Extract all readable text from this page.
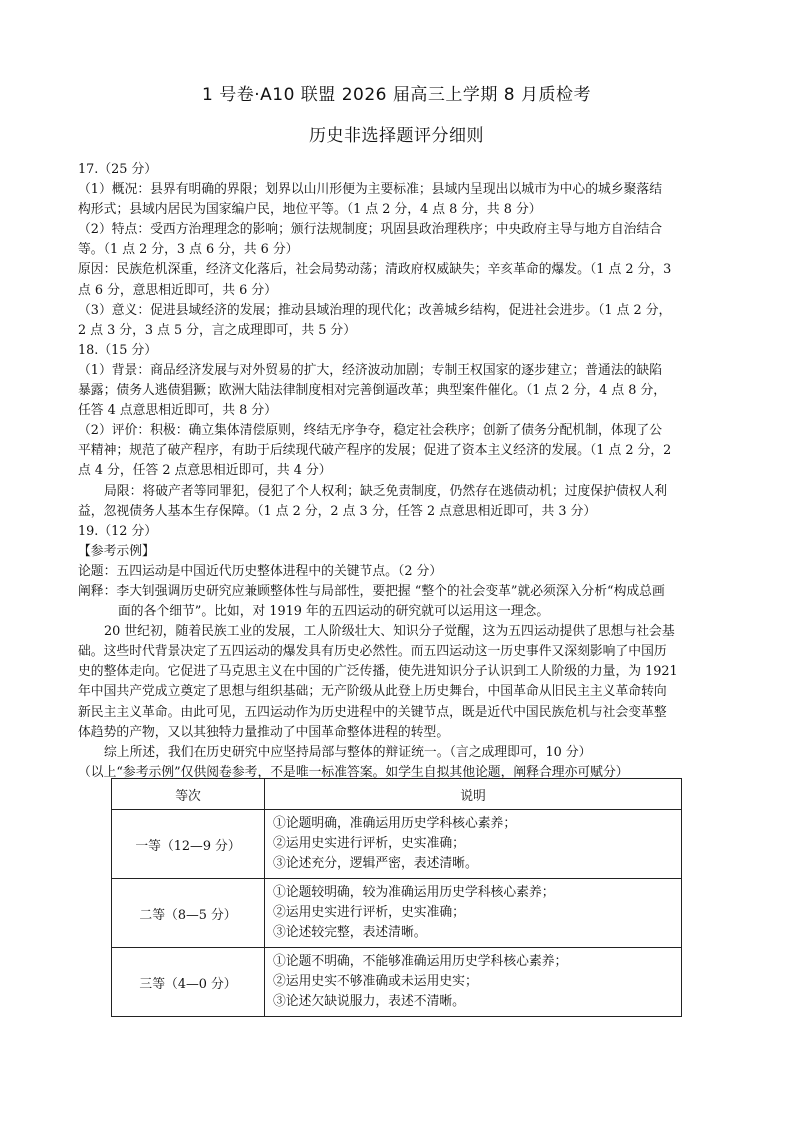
1 号卷·A10 联盟 2026 届高三上学期 8 月质检考
历史非选择题评分细则
17.（25 分）
（1）概况：县界有明确的界限；划界以山川形便为主要标准；县域内呈现出以城市为中心的城乡聚落结
构形式；县域内居民为国家编户民，地位平等。（1 点 2 分，4 点 8 分，共 8 分）
（2）特点：受西方治理理念的影响；颁行法规制度；巩固县政治理秩序；中央政府主导与地方自治结合
等。（1 点 2 分，3 点 6 分，共 6 分）
原因：民族危机深重，经济文化落后，社会局势动荡；清政府权威缺失；辛亥革命的爆发。（1 点 2 分，3
点 6 分，意思相近即可，共 6 分）
（3）意义：促进县域经济的发展；推动县域治理的现代化；改善城乡结构，促进社会进步。（1 点 2 分，
2 点 3 分，3 点 5 分，言之成理即可，共 5 分）
18.（15 分）
（1）背景：商品经济发展与对外贸易的扩大，经济波动加剧；专制王权国家的逐步建立；普通法的缺陷
暴露；债务人逃债猖獗；欧洲大陆法律制度相对完善倒逼改革；典型案件催化。（1 点 2 分，4 点 8 分，
任答 4 点意思相近即可，共 8 分）
（2）评价：积极：确立集体清偿原则，终结无序争夺，稳定社会秩序；创新了债务分配机制，体现了公
平精神；规范了破产程序，有助于后续现代破产程序的发展；促进了资本主义经济的发展。（1 点 2 分，2
点 4 分，任答 2 点意思相近即可，共 4 分）
局限：将破产者等同罪犯，侵犯了个人权利；缺乏免责制度，仍然存在逃债动机；过度保护债权人利
益，忽视债务人基本生存保障。（1 点 2 分，2 点 3 分，任答 2 点意思相近即可，共 3 分）
19.（12 分）
【参考示例】
论题：五四运动是中国近代历史整体进程中的关键节点。（2 分）
阐释：李大钊强调历史研究应兼顾整体性与局部性，要把握 “整个的社会变革”就必须深入分析“构成总画
面的各个细节”。比如，对 1919 年的五四运动的研究就可以运用这一理念。
20 世纪初，随着民族工业的发展，工人阶级壮大、知识分子觉醒，这为五四运动提供了思想与社会基
础。这些时代背景决定了五四运动的爆发具有历史必然性。而五四运动这一历史事件又深刻影响了中国历
史的整体走向。它促进了马克思主义在中国的广泛传播，使先进知识分子认识到工人阶级的力量，为 1921
年中国共产党成立奠定了思想与组织基础；无产阶级从此登上历史舞台，中国革命从旧民主主义革命转向
新民主主义革命。由此可见，五四运动作为历史进程中的关键节点，既是近代中国民族危机与社会变革整
体趋势的产物，又以其独特力量推动了中国革命整体进程的转型。
综上所述，我们在历史研究中应坚持局部与整体的辩证统一。（言之成理即可，10 分）
（以上“参考示例”仅供阅卷参考，不是唯一标准答案。如学生自拟其他论题，阐释合理亦可赋分）
等次	说明
一等（12—9 分）	①论题明确，准确运用历史学科核心素养；
②运用史实进行评析，史实准确；
③论述充分，逻辑严密，表述清晰。

二等（8—5 分）	①论题较明确，较为准确运用历史学科核心素养；
②运用史实进行评析，史实准确；
③论述较完整，表述清晰。

三等（4—0 分）	①论题不明确，不能够准确运用历史学科核心素养；
②运用史实不够准确或未运用史实；
③论述欠缺说服力，表述不清晰。
